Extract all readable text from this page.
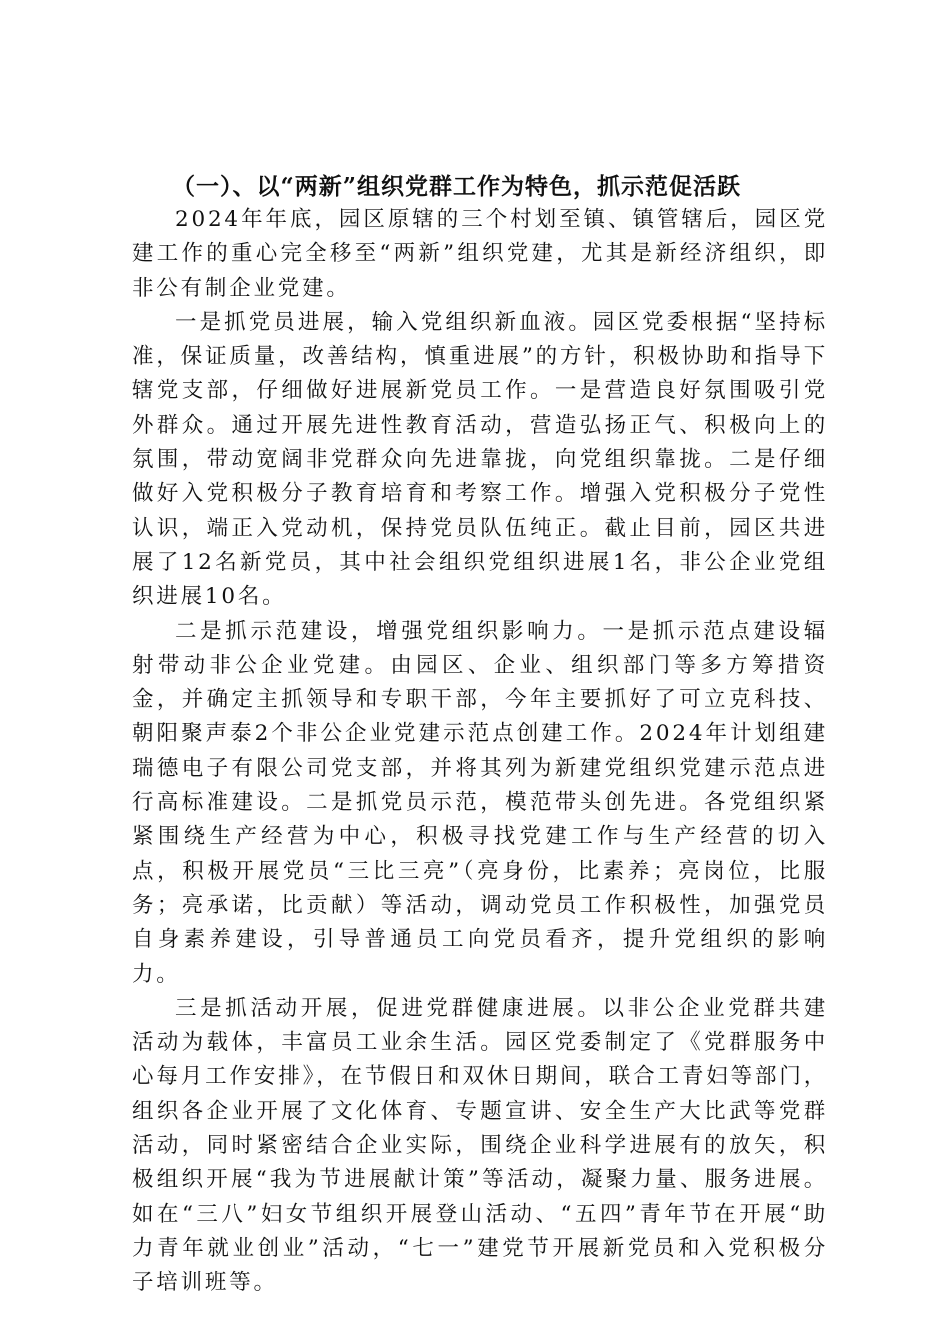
（一）、以“两新”组织党群工作为特色，抓示范促活跃

2024年年底，园区原辖的三个村划至镇、镇管辖后，园区党建工作的重心完全移至“两新”组织党建，尤其是新经济组织，即非公有制企业党建。

一是抓党员进展，输入党组织新血液。园区党委根据“坚持标准，保证质量，改善结构，慎重进展”的方针，积极协助和指导下辖党支部，仔细做好进展新党员工作。一是营造良好氛围吸引党外群众。通过开展先进性教育活动，营造弘扬正气、积极向上的氛围，带动宽阔非党群众向先进靠拢，向党组织靠拢。二是仔细做好入党积极分子教育培育和考察工作。增强入党积极分子党性认识，端正入党动机，保持党员队伍纯正。截止目前，园区共进展了12名新党员，其中社会组织党组织进展1名，非公企业党组织进展10名。

二是抓示范建设，增强党组织影响力。一是抓示范点建设辐射带动非公企业党建。由园区、企业、组织部门等多方筹措资金，并确定主抓领导和专职干部，今年主要抓好了可立克科技、朝阳聚声泰2个非公企业党建示范点创建工作。2024年计划组建瑞德电子有限公司党支部，并将其列为新建党组织党建示范点进行高标准建设。二是抓党员示范，模范带头创先进。各党组织紧紧围绕生产经营为中心，积极寻找党建工作与生产经营的切入点，积极开展党员“三比三亮”（亮身份，比素养；亮岗位，比服务；亮承诺，比贡献）等活动，调动党员工作积极性，加强党员自身素养建设，引导普通员工向党员看齐，提升党组织的影响力。

三是抓活动开展，促进党群健康进展。以非公企业党群共建活动为载体，丰富员工业余生活。园区党委制定了《党群服务中心每月工作安排》，在节假日和双休日期间，联合工青妇等部门，组织各企业开展了文化体育、专题宣讲、安全生产大比武等党群活动，同时紧密结合企业实际，围绕企业科学进展有的放矢，积极组织开展“我为节进展献计策”等活动，凝聚力量、服务进展。如在“三八”妇女节组织开展登山活动、“五四”青年节在开展“助力青年就业创业”活动，“七一”建党节开展新党员和入党积极分子培训班等。
